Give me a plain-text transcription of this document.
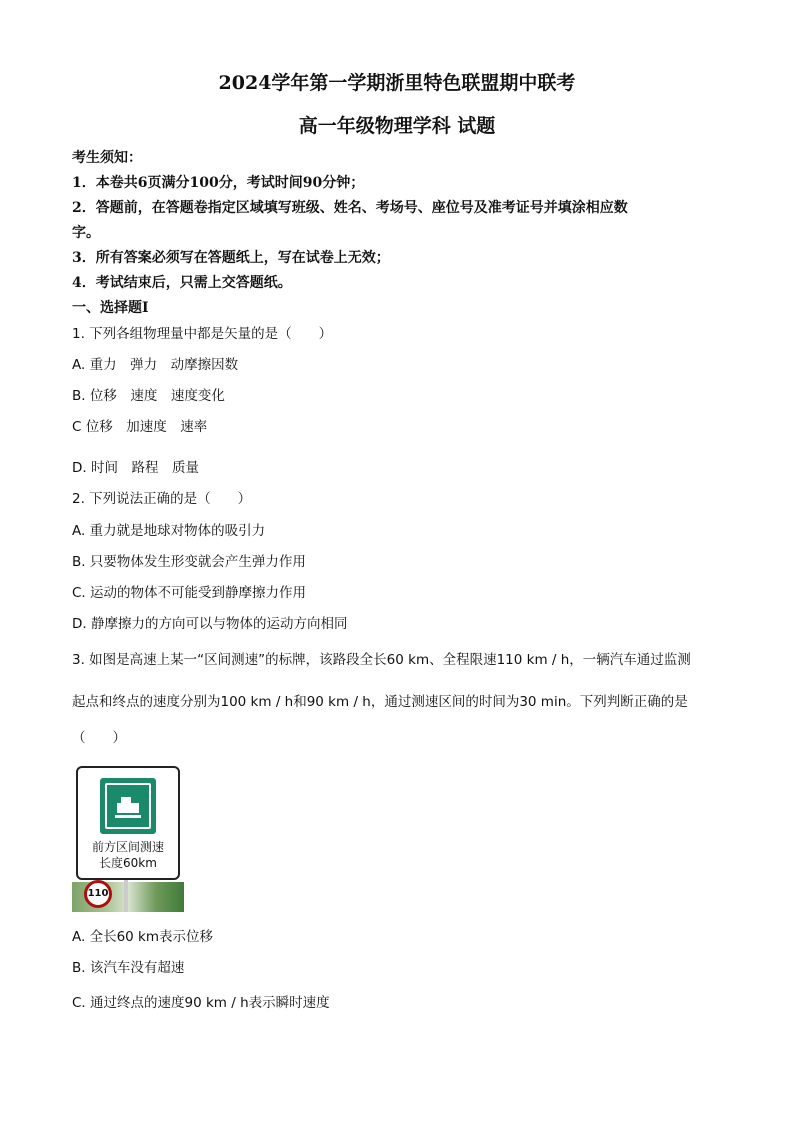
2024学年第一学期浙里特色联盟期中联考
高一年级物理学科 试题
考生须知：
1．本卷共6页满分100分，考试时间90分钟；
2．答题前，在答题卷指定区域填写班级、姓名、考场号、座位号及准考证号并填涂相应数
字。
3．所有答案必须写在答题纸上，写在试卷上无效；
4．考试结束后，只需上交答题纸。
一、选择题Ⅰ
1. 下列各组物理量中都是矢量的是（　　）
A. 重力　弹力　动摩擦因数
B. 位移　速度　速度变化
C 位移　加速度　速率
D. 时间　路程　质量
2. 下列说法正确的是（　　）
A. 重力就是地球对物体的吸引力
B. 只要物体发生形变就会产生弹力作用
C. 运动的物体不可能受到静摩擦力作用
D. 静摩擦力的方向可以与物体的运动方向相同
3. 如图是高速上某一“区间测速”的标牌，该路段全长60 km、全程限速110 km / h，一辆汽车通过监测
起点和终点的速度分别为100 km / h和90 km / h，通过测速区间的时间为30 min。下列判断正确的是
（　　）
前方区间测速
长度60km
110
A. 全长60 km表示位移
B. 该汽车没有超速
C. 通过终点的速度90 km / h表示瞬时速度
